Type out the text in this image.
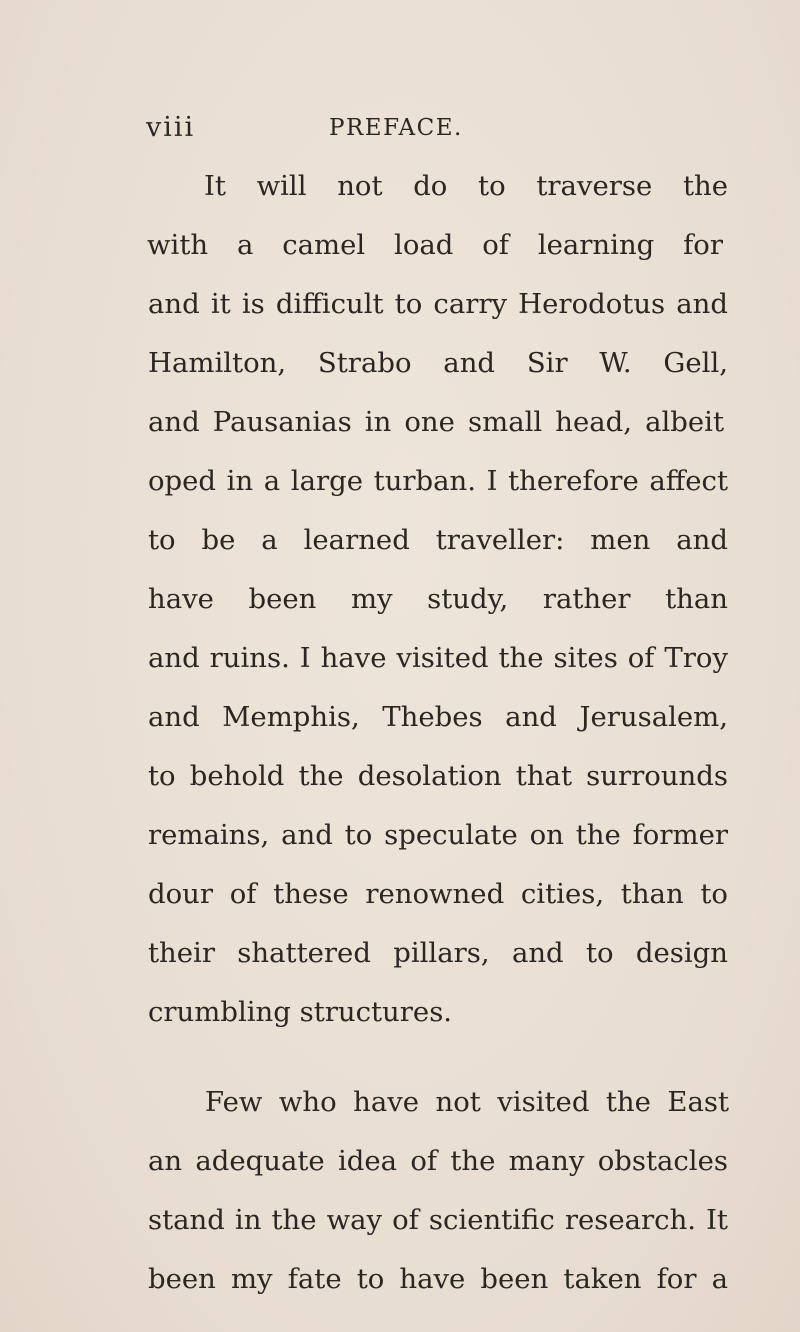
viii	PREFACE.
It will not do to traverse the
with a camel load of learning for
and it is difficult to carry Herodotus and
Hamilton, Strabo and Sir W. Gell,
and Pausanias in one small head, albeit
oped in a large turban. I therefore affect
to be a learned traveller: men and
have been my study, rather than
and ruins. I have visited the sites of Troy
and Memphis, Thebes and Jerusalem,
to behold the desolation that surrounds
remains, and to speculate on the former
dour of these renowned cities, than to
their shattered pillars, and to design
crumbling structures.
Few who have not visited the East
an adequate idea of the many obstacles
stand in the way of scientific research. It
been my fate to have been taken for a
